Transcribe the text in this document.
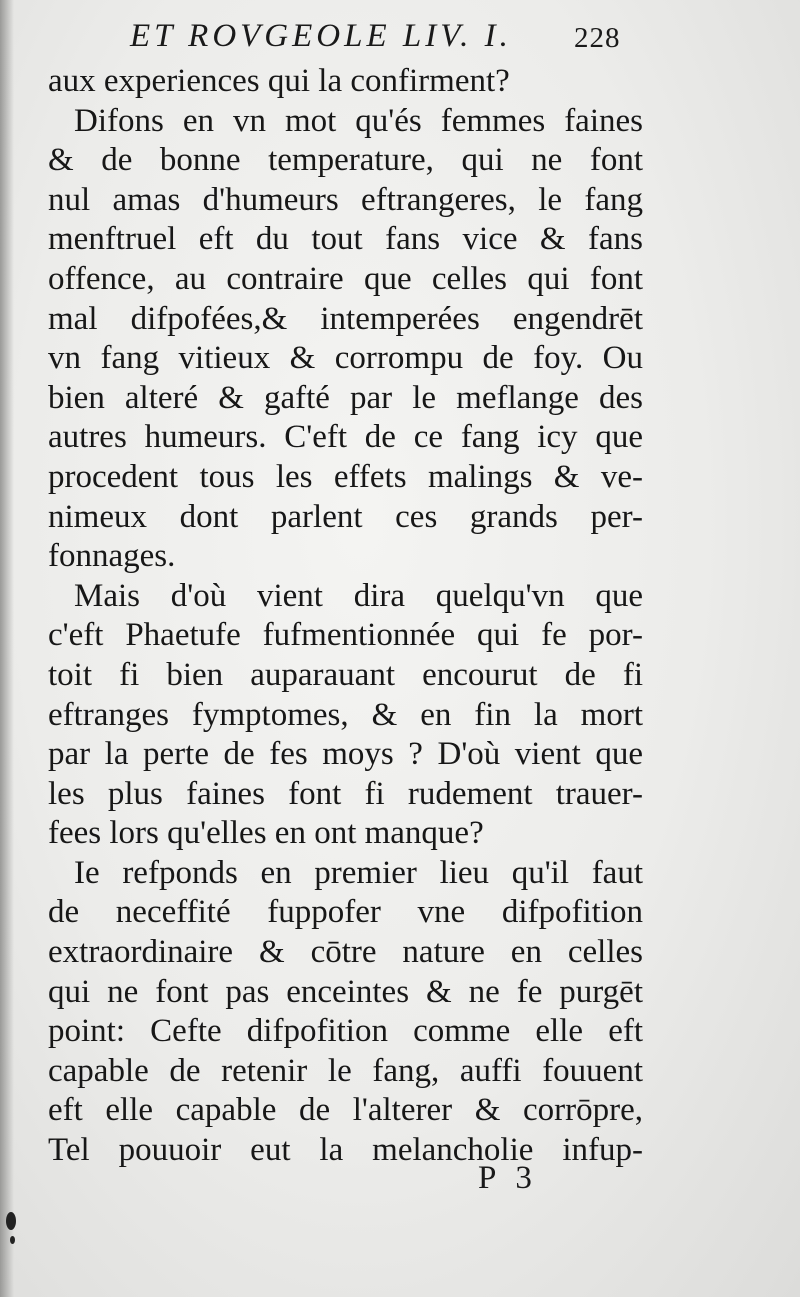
ET ROVGEOLE LIV. I. 228
aux experiences qui la confirment?
Difons en vn mot qu'és femmes faines
& de bonne temperature, qui ne font
nul amas d'humeurs eftrangeres, le fang
menftruel eft du tout fans vice & fans
offence, au contraire que celles qui font
mal difpofées,& intemperées engendrēt
vn fang vitieux & corrompu de foy. Ou
bien alteré & gafté par le meflange des
autres humeurs. C'eft de ce fang icy que
procedent tous les effets malings & ve-
nimeux dont parlent ces grands per-
fonnages.
Mais d'où vient dira quelqu'vn que
c'eft Phaetufe fufmentionnée qui fe por-
toit fi bien auparauant encourut de fi
eftranges fymptomes, & en fin la mort
par la perte de fes moys ? D'où vient que
les plus faines font fi rudement trauer-
fees lors qu'elles en ont manque?
Ie refponds en premier lieu qu'il faut
de neceffité fuppofer vne difpofition
extraordinaire & cōtre nature en celles
qui ne font pas enceintes & ne fe purgēt
point: Cefte difpofition comme elle eft
capable de retenir le fang, auffi fouuent
eft elle capable de l'alterer & corrōpre,
Tel pouuoir eut la melancholie infup-
P 3
